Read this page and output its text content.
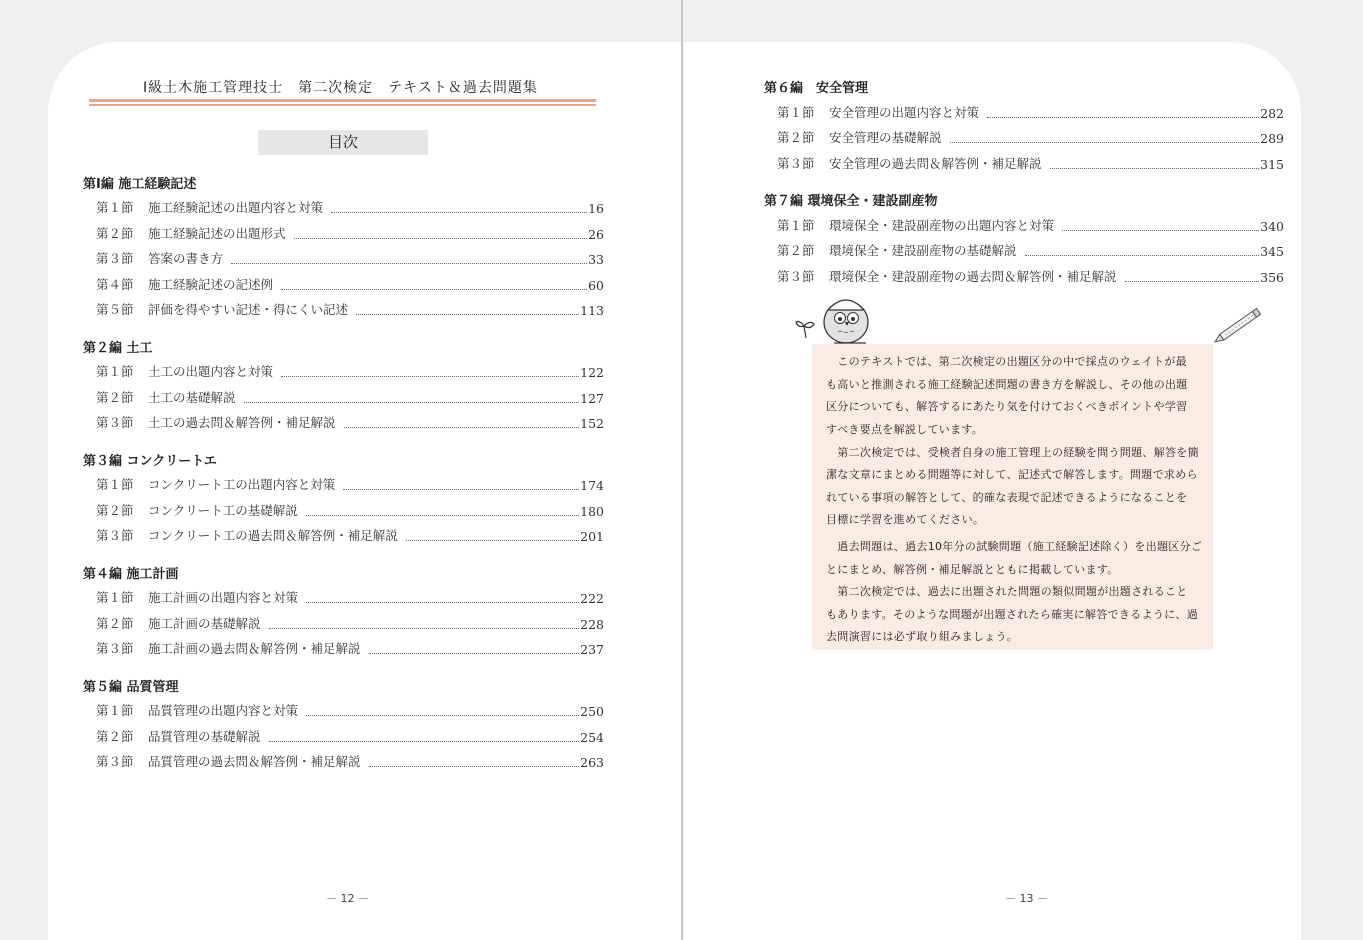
Ⅰ級土木施工管理技士　第二次検定　テキスト＆過去問題集
目次
第Ⅰ編 施工経験記述
第１節	施工経験記述の出題内容と対策	16
第２節	施工経験記述の出題形式	26
第３節	答案の書き方	33
第４節	施工経験記述の記述例	60
第５節	評価を得やすい記述・得にくい記述	113
第２編 土工
第１節	土工の出題内容と対策	122
第２節	土工の基礎解説	127
第３節	土工の過去問＆解答例・補足解説	152
第３編 コンクリートエ
第１節	コンクリート工の出題内容と対策	174
第２節	コンクリート工の基礎解説	180
第３節	コンクリート工の過去問＆解答例・補足解説	201
第４編 施工計画
第１節	施工計画の出題内容と対策	222
第２節	施工計画の基礎解説	228
第３節	施工計画の過去問＆解答例・補足解説	237
第５編 品質管理
第１節	品質管理の出題内容と対策	250
第２節	品質管理の基礎解説	254
第３節	品質管理の過去問＆解答例・補足解説	263
－ 12 －
第６編　安全管理
第１節	安全管理の出題内容と対策	282
第２節	安全管理の基礎解説	289
第３節	安全管理の過去問＆解答例・補足解説	315
第７編 環境保全・建設副産物
第１節	環境保全・建設副産物の出題内容と対策	340
第２節	環境保全・建設副産物の基礎解説	345
第３節	環境保全・建設副産物の過去問＆解答例・補足解説	356
　このテキストでは、第二次検定の出題区分の中で採点のウェイトが最
も高いと推測される施工経験記述問題の書き方を解説し、その他の出題
区分についても、解答するにあたり気を付けておくべきポイントや学習
すべき要点を解説しています。
　第二次検定では、受検者自身の施工管理上の経験を問う問題、解答を簡
潔な文章にまとめる問題等に対して、記述式で解答します。問題で求めら
れている事項の解答として、的確な表現で記述できるようになることを
目標に学習を進めてください。
　過去問題は、過去10年分の試験問題（施工経験記述除く）を出題区分ご
とにまとめ、解答例・補足解説とともに掲載しています。
　第二次検定では、過去に出題された問題の類似問題が出題されること
もあります。そのような問題が出題されたら確実に解答できるように、過
去問演習には必ず取り組みましょう。
－ 13 －
